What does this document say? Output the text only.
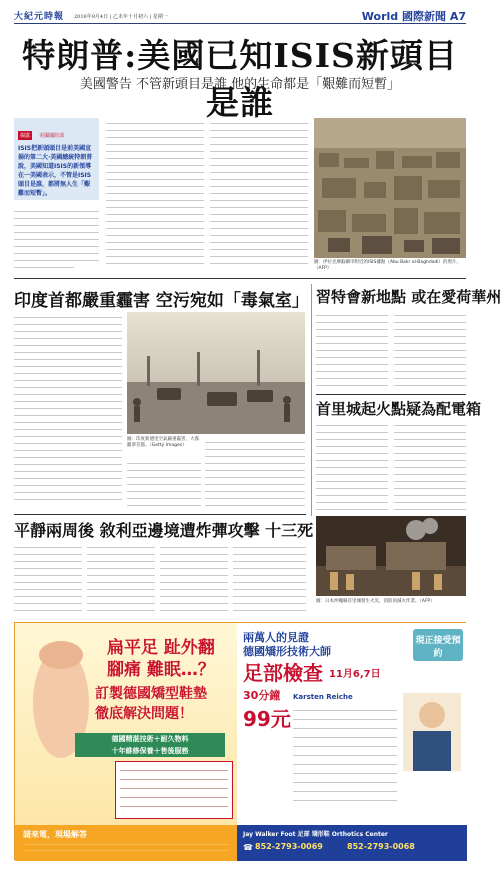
大紀元時報 2016年9月4日 | 乙未年十月初六 | 星期一	World 國際新聞 A7
特朗普:美國已知ISIS新頭目是誰
美國警告 不管新頭目是誰 他的生命都是「艱難而短暫」
揭露 美國國防部
ISIS把新頭頭目是前美國宣揚的第二大·美國總統特朗普說，美國知道ISIS的新領導在一美國表示，不管是ISIS頭目是誰，都將無人生「艱難而短暫」。
圖：伊拉克摩蘇爾市附近的ISIS據點（Abu Bakr al-Baghdadi）的照片。（AFP）
印度首都嚴重霾害 空污宛如「毒氣室」
圖：印度新德里空氣嚴重霾害，大霧籠罩首都。（Getty Images）
習特會新地點 或在愛荷華州
首里城起火點疑為配電箱
圖：日本沖繩縣首里城發生火災，消防員滅火作業。（AFP）
平靜兩周後 敘利亞邊境遭炸彈攻擊 十三死
扁平足 趾外翻
腳痛 難眠…？
訂製德國矯型鞋墊
徹底解決問題！
德國精湛技術＋耐久物料
十年維修保養＋售後服務
兩萬人的見證
德國矯形技術大師
足部檢查 11月6,7日
現正接受預約
30分鐘
99元
Karsten Reiche
請來電，現場解答	Jay Walker Foot 足部 矯形鞋 Orthotics Center
☎ 852-2793-0069	852-2793-0068
